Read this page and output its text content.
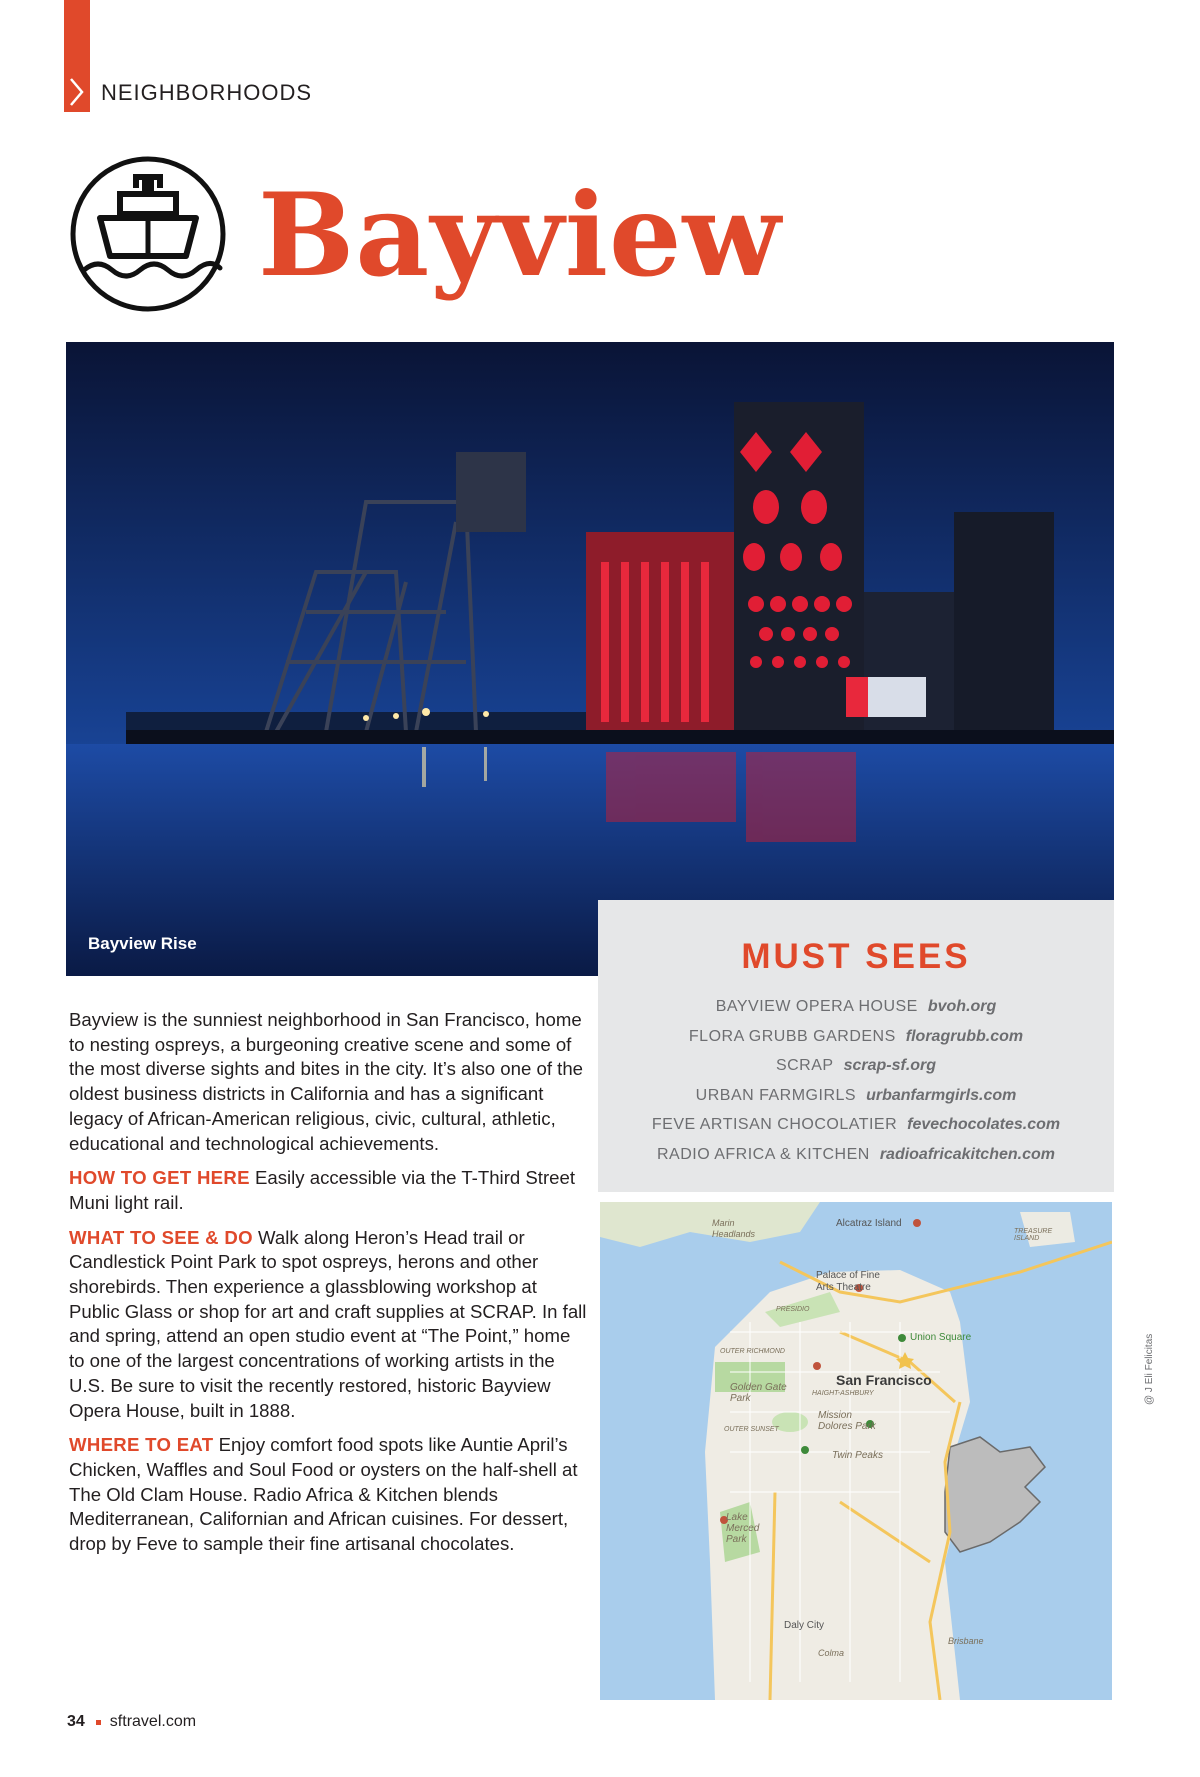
NEIGHBORHOODS
Bayview
Bayview Rise	MUST SEES
BAYVIEW OPERA HOUSE bvoh.org
FLORA GRUBB GARDENS floragrubb.com
SCRAP scrap-sf.org
URBAN FARMGIRLS urbanfarmgirls.com
FEVE ARTISAN CHOCOLATIER fevechocolates.com
RADIO AFRICA & KITCHEN radioafricakitchen.com

Bayview is the sunniest neighborhood in San Francisco, home to nesting ospreys, a burgeoning creative scene and some of the most diverse sights and bites in the city. It’s also one of the oldest business districts in California and has a significant legacy of African-American religious, civic, cultural, athletic, educational and technological achievements.

HOW TO GET HERE Easily accessible via the T-Third Street Muni light rail.

WHAT TO SEE & DO Walk along Heron’s Head trail or Candlestick Point Park to spot ospreys, herons and other shorebirds. Then experience a glassblowing workshop at Public Glass or shop for art and craft supplies at SCRAP. In fall and spring, attend an open studio event at “The Point,” home to one of the largest concentrations of working artists in the U.S. Be sure to visit the recently restored, historic Bayview Opera House, built in 1888.

WHERE TO EAT Enjoy comfort food spots like Auntie April’s Chicken, Waffles and Soul Food or oysters on the half-shell at The Old Clam House. Radio Africa & Kitchen blends Mediterranean, Californian and African cuisines. For dessert, drop by Feve to sample their fine artisanal chocolates.

San Francisco
Marin Headlands
Alcatraz Island
Palace of Fine Arts Theatre
Union Square
Golden Gate Park
Mission Dolores Park
Twin Peaks
Lake Merced Park
Daly City
Colma
Brisbane
HAIGHT-ASHBURY
OUTER SUNSET
OUTER RICHMOND
PRESIDIO
TREASURE ISLAND
@ J Eli Felicitas
34 sftravel.com
